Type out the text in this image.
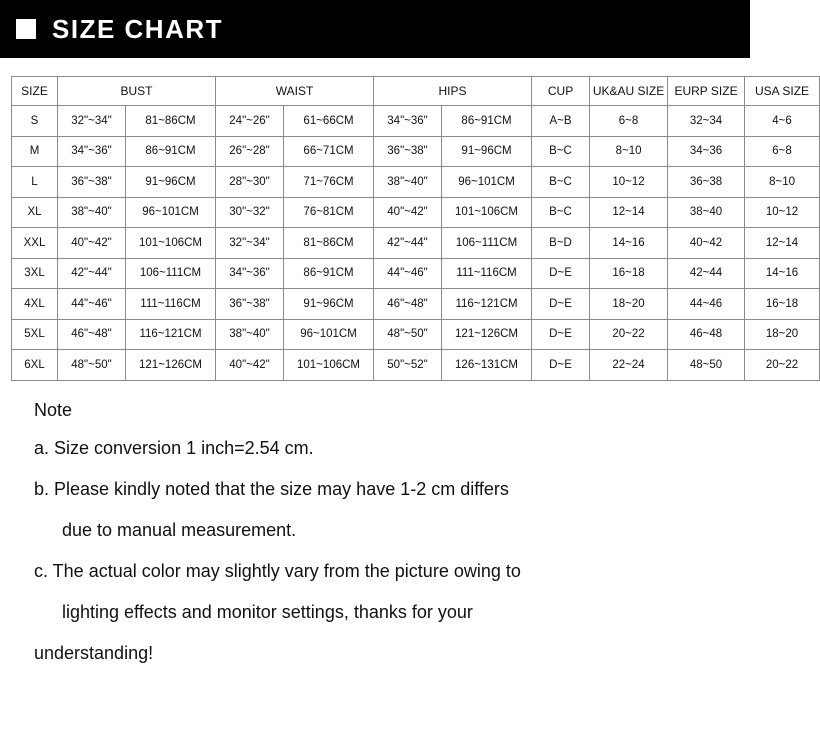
SIZE CHART
SIZE	BUST		WAIST		HIPS		CUP	UK&AU SIZE	EURP SIZE	USA SIZE
S	32"~34"	81~86CM	24"~26"	61~66CM	34"~36"	86~91CM	A~B	6~8	32~34	4~6
M	34"~36"	86~91CM	26"~28"	66~71CM	36"~38"	91~96CM	B~C	8~10	34~36	6~8
L	36"~38"	91~96CM	28"~30"	71~76CM	38"~40"	96~101CM	B~C	10~12	36~38	8~10
XL	38"~40"	96~101CM	30"~32"	76~81CM	40"~42"	101~106CM	B~C	12~14	38~40	10~12
XXL	40"~42"	101~106CM	32"~34"	81~86CM	42"~44"	106~111CM	B~D	14~16	40~42	12~14
3XL	42"~44"	106~111CM	34"~36"	86~91CM	44"~46"	111~116CM	D~E	16~18	42~44	14~16
4XL	44"~46"	111~116CM	36"~38"	91~96CM	46"~48"	116~121CM	D~E	18~20	44~46	16~18
5XL	46"~48"	116~121CM	38"~40"	96~101CM	48"~50"	121~126CM	D~E	20~22	46~48	18~20
6XL	48"~50"	121~126CM	40"~42"	101~106CM	50"~52"	126~131CM	D~E	22~24	48~50	20~22
Note
a. Size conversion 1 inch=2.54 cm.
b. Please kindly noted that the size may have 1-2 cm differs
due to manual measurement.
c. The actual color may slightly vary from the picture owing to
lighting effects and monitor settings, thanks for your
understanding!
